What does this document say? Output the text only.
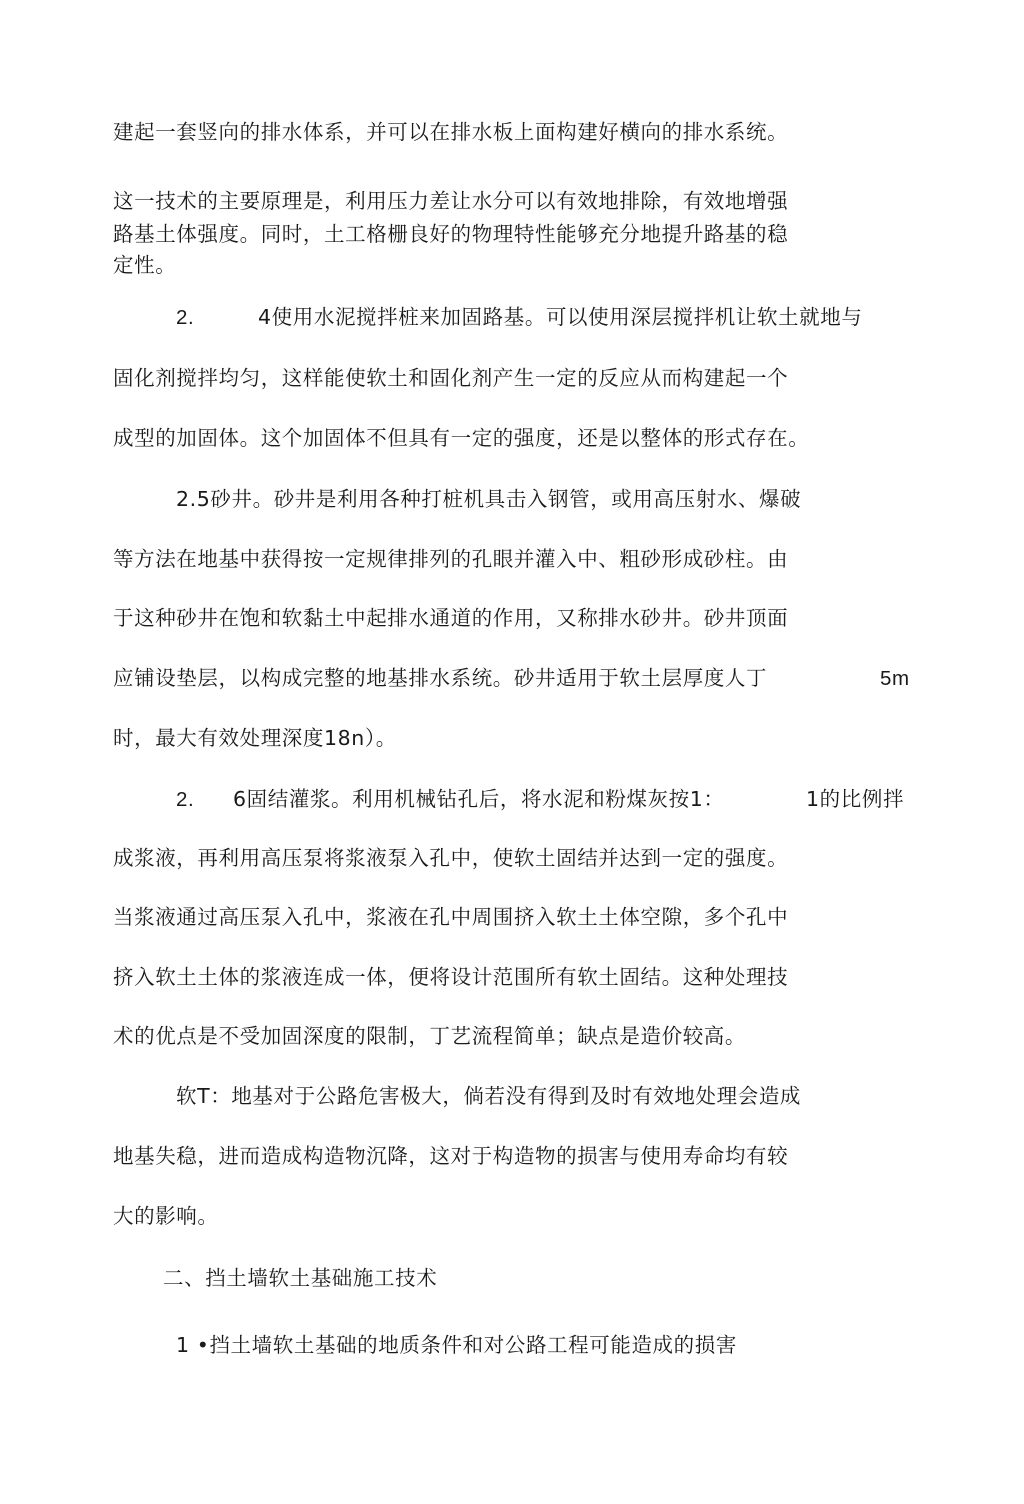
建起一套竖向的排水体系，并可以在排水板上面构建好横向的排水系统。
这一技术的主要原理是，利用压力差让水分可以有效地排除，有效地增强
路基土体强度。同时，土工格栅良好的物理特性能够充分地提升路基的稳
定性。
2.	4使用水泥搅拌桩来加固路基。可以使用深层搅拌机让软土就地与
固化剂搅拌均匀，这样能使软土和固化剂产生一定的反应从而构建起一个
成型的加固体。这个加固体不但具有一定的强度，还是以整体的形式存在。
2.5砂井。砂井是利用各种打桩机具击入钢管，或用高压射水、爆破
等方法在地基中获得按一定规律排列的孔眼并灌入中、粗砂形成砂柱。由
于这种砂井在饱和软黏土中起排水通道的作用，又称排水砂井。砂井顶面
应铺设垫层，以构成完整的地基排水系统。砂井适用于软土层厚度人丁	5m
时，最大有效处理深度18n）。
2. 6固结灌浆。利用机械钻孔后，将水泥和粉煤灰按1：	1的比例拌
成浆液，再利用高压泵将浆液泵入孔中，使软土固结并达到一定的强度。
当浆液通过高压泵入孔中，浆液在孔中周围挤入软土土体空隙，多个孔中
挤入软土土体的浆液连成一体，便将设计范围所有软土固结。这种处理技
术的优点是不受加固深度的限制，丁艺流程简单；缺点是造价较高。
软T：地基对于公路危害极大，倘若没有得到及时有效地处理会造成
地基失稳，进而造成构造物沉降，这对于构造物的损害与使用寿命均有较
大的影响。
二、挡土墙软土基础施工技术
1 •挡土墙软土基础的地质条件和对公路工程可能造成的损害
